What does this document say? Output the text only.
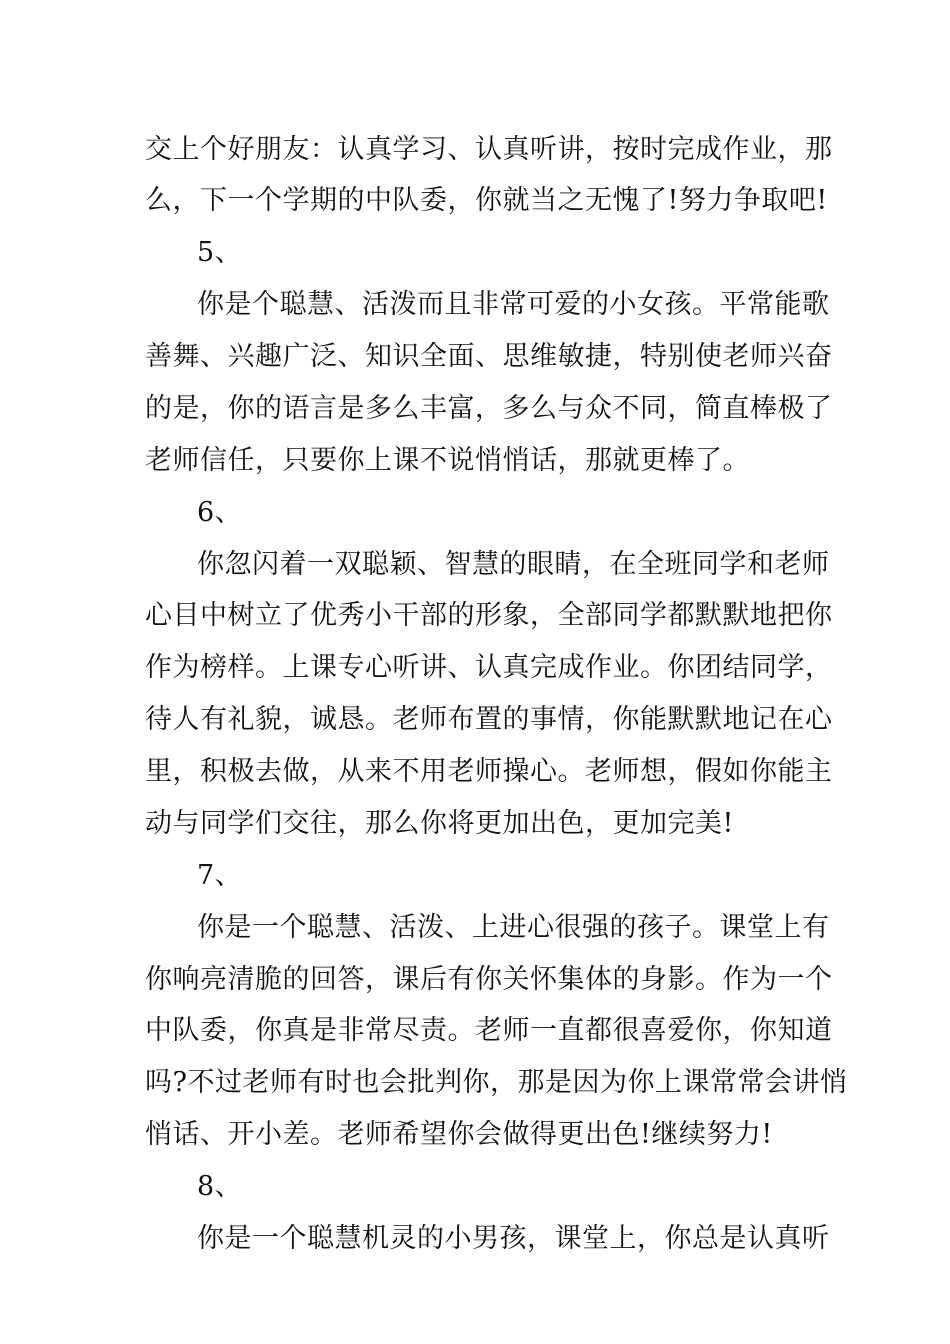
交上个好朋友：认真学习、认真听讲，按时完成作业，那
么，下一个学期的中队委，你就当之无愧了!努力争取吧!
5、
你是个聪慧、活泼而且非常可爱的小女孩。平常能歌
善舞、兴趣广泛、知识全面、思维敏捷，特别使老师兴奋
的是，你的语言是多么丰富，多么与众不同，简直棒极了
老师信任，只要你上课不说悄悄话，那就更棒了。
6、
你忽闪着一双聪颖、智慧的眼睛，在全班同学和老师
心目中树立了优秀小干部的形象，全部同学都默默地把你
作为榜样。上课专心听讲、认真完成作业。你团结同学，
待人有礼貌，诚恳。老师布置的事情，你能默默地记在心
里，积极去做，从来不用老师操心。老师想，假如你能主
动与同学们交往，那么你将更加出色，更加完美!
7、
你是一个聪慧、活泼、上进心很强的孩子。课堂上有
你响亮清脆的回答，课后有你关怀集体的身影。作为一个
中队委，你真是非常尽责。老师一直都很喜爱你，你知道
吗?不过老师有时也会批判你，那是因为你上课常常会讲悄
悄话、开小差。老师希望你会做得更出色!继续努力!
8、
你是一个聪慧机灵的小男孩，课堂上，你总是认真听
